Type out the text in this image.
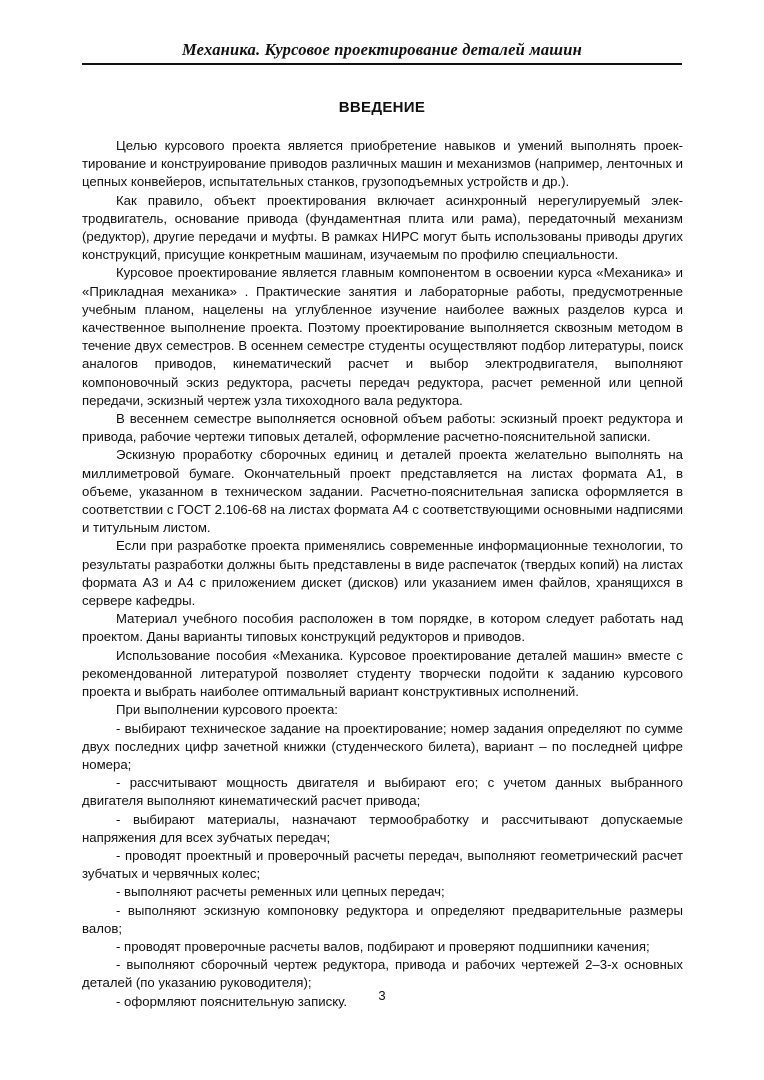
Механика. Курсовое проектирование деталей машин
ВВЕДЕНИЕ

Целью курсового проекта является приобретение навыков и умений выполнять проектирование и конструирование приводов различных машин и механизмов (например, ленточных и цепных конвейеров, испытательных станков, грузоподъемных устройств и др.).

Как правило, объект проектирования включает асинхронный нерегулируемый электродвигатель, основание привода (фундаментная плита или рама), передаточный механизм (редуктор), другие передачи и муфты. В рамках НИРС могут быть использованы приводы других конструкций, присущие конкретным машинам, изучаемым по профилю специальности.

Курсовое проектирование является главным компонентом в освоении курса «Механика» и «Прикладная механика» . Практические занятия и лабораторные работы, предусмотренные учебным планом, нацелены на углубленное изучение наиболее важных разделов курса и качественное выполнение проекта. Поэтому проектирование выполняется сквозным методом в течение двух семестров. В осеннем семестре студенты осуществляют подбор литературы, поиск аналогов приводов, кинематический расчет и выбор электродвигателя, выполняют компоновочный эскиз редуктора, расчеты передач редуктора, расчет ременной или цепной передачи, эскизный чертеж узла тихоходного вала редуктора.

В весеннем семестре выполняется основной объем работы: эскизный проект редуктора и привода, рабочие чертежи типовых деталей, оформление расчетно-пояснительной записки.

Эскизную проработку сборочных единиц и деталей проекта желательно выполнять на миллиметровой бумаге. Окончательный проект представляется на листах формата А1, в объеме, указанном в техническом задании. Расчетно-пояснительная записка оформляется в соответствии с ГОСТ 2.106-68 на листах формата А4 с соответствующими основными надписями и титульным листом.

Если при разработке проекта применялись современные информационные технологии, то результаты разработки должны быть представлены в виде распечаток (твердых копий) на листах формата А3 и А4 с приложением дискет (дисков) или указанием имен файлов, хранящихся в сервере кафедры.

Материал учебного пособия расположен в том порядке, в котором следует работать над проектом. Даны варианты типовых конструкций редукторов и приводов.

Использование пособия «Механика. Курсовое проектирование деталей машин» вместе с рекомендованной литературой позволяет студенту творчески подойти к заданию курсового проекта и выбрать наиболее оптимальный вариант конструктивных исполнений.

При выполнении курсового проекта:

- выбирают техническое задание на проектирование; номер задания определяют по сумме двух последних цифр зачетной книжки (студенческого билета), вариант – по последней цифре номера;

- рассчитывают мощность двигателя и выбирают его; с учетом данных выбранного двигателя выполняют кинематический расчет привода;

- выбирают материалы, назначают термообработку и рассчитывают допускаемые напряжения для всех зубчатых передач;

- проводят проектный и проверочный расчеты передач, выполняют геометрический расчет зубчатых и червячных колес;

- выполняют расчеты ременных или цепных передач;

- выполняют эскизную компоновку редуктора и определяют предварительные размеры валов;

- проводят проверочные расчеты валов, подбирают и проверяют подшипники качения;

- выполняют сборочный чертеж редуктора, привода и рабочих чертежей 2–3-х основных деталей (по указанию руководителя);

- оформляют пояснительную записку.	3
